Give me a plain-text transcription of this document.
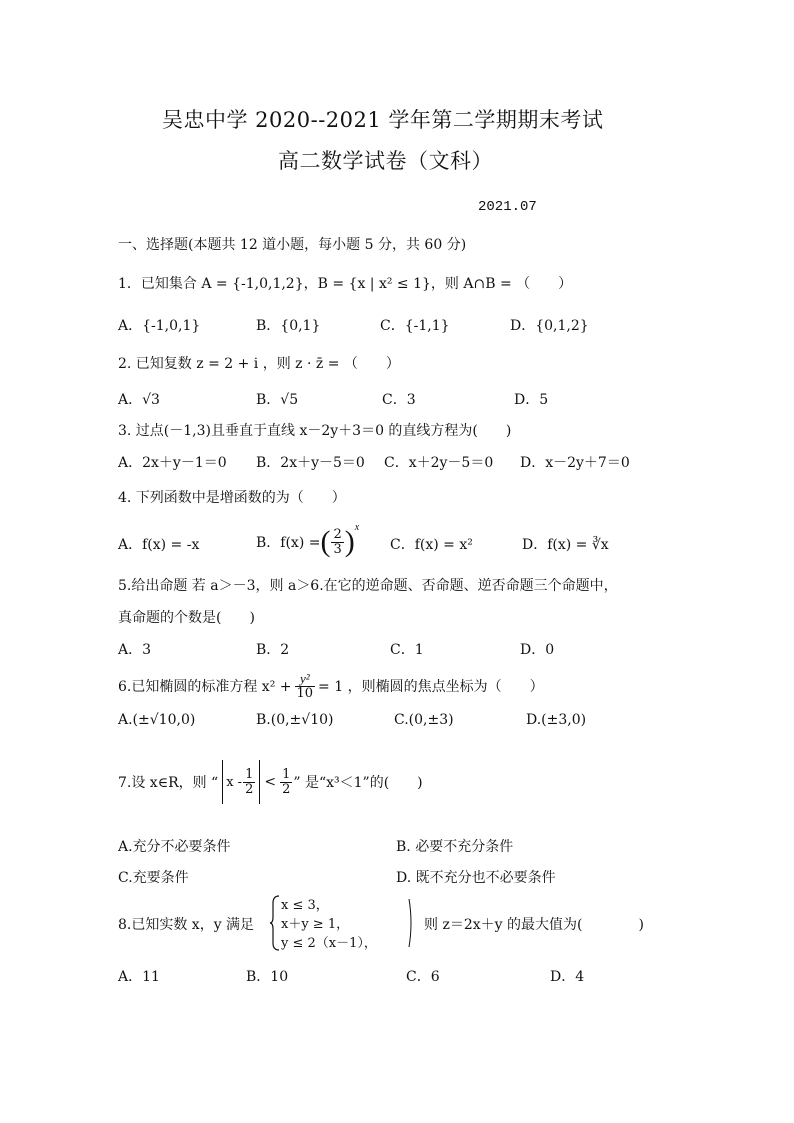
吴忠中学 2020--2021 学年第二学期期末考试
高二数学试卷（文科）
2021.07
一、选择题(本题共 12 道小题，每小题 5 分，共 60 分)
1．已知集合 A = {-1,0,1,2}，B = {x | x² ≤ 1}，则 A∩B = （　　）
A．{-1,0,1}	B．{0,1}	C．{-1,1}	D．{0,1,2}
2. 已知复数 z = 2 + i ，则 z · z̄ = （　　）
A．√3	B．√5	C．3	D．5
3. 过点(－1,3)且垂直于直线 x－2y＋3＝0 的直线方程为(　　)
A．2x＋y－1＝0 B．2x＋y－5＝0 C．x＋2y－5＝0 D．x－2y＋7＝0
4. 下列函数中是增函数的为（　　）
A．f(x) = -x	B．f(x) = ( $\frac{2}{3} )^x$
C．f(x) = x²	D．f(x) = ∛x
5.给出命题 若 a＞－3，则 a＞6.在它的逆命题、否命题、逆否命题三个命题中，
真命题的个数是(　　)
A．3	B．2	C．1	D．0
6.已知椭圆的标准方程 $x^2 + \frac{\text{y²}}{10} = 1$ ，则椭圆的焦点坐标为（　　）
A.(±√10,0)	B.(0,±√10)	C.(0,±3)	D.(±3,0)
7.设 x∈R，则 “ $x - \frac{1}{2} < \frac{1}{2}$ ” 是“x³＜1”的(　　)
A.充分不必要条件	B. 必要不充分条件
C.充要条件	D. 既不充分也不必要条件
8.已知实数 x，y 满足
x ≤ 3，
x＋y ≥ 1，
y ≤ 2（x－1），
则 z＝2x＋y 的最大值为(　　　　)
A．11	B．10	C．6	D．4
